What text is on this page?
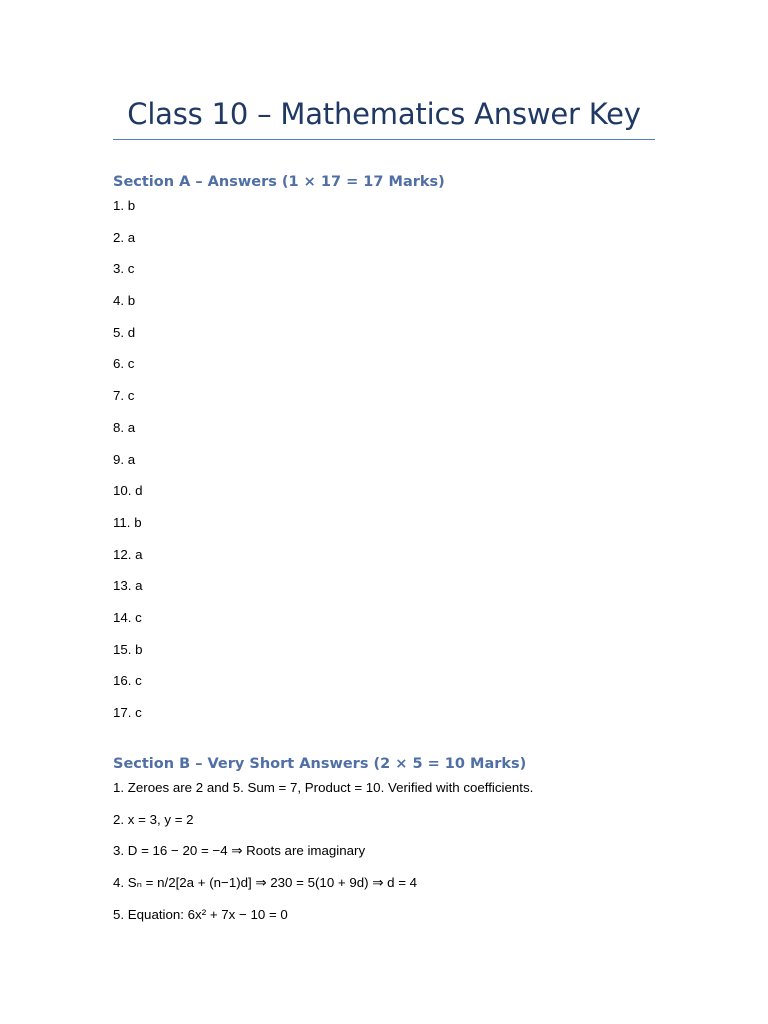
Class 10 – Mathematics Answer Key
Section A – Answers (1 × 17 = 17 Marks)
1. b
2. a
3. c
4. b
5. d
6. c
7. c
8. a
9. a
10. d
11. b
12. a
13. a
14. c
15. b
16. c
17. c
Section B – Very Short Answers (2 × 5 = 10 Marks)
1. Zeroes are 2 and 5. Sum = 7, Product = 10. Verified with coefficients.
2. x = 3, y = 2
3. D = 16 − 20 = −4 ⇒ Roots are imaginary
4. Sₙ = n/2[2a + (n−1)d] ⇒ 230 = 5(10 + 9d) ⇒ d = 4
5. Equation: 6x² + 7x − 10 = 0
